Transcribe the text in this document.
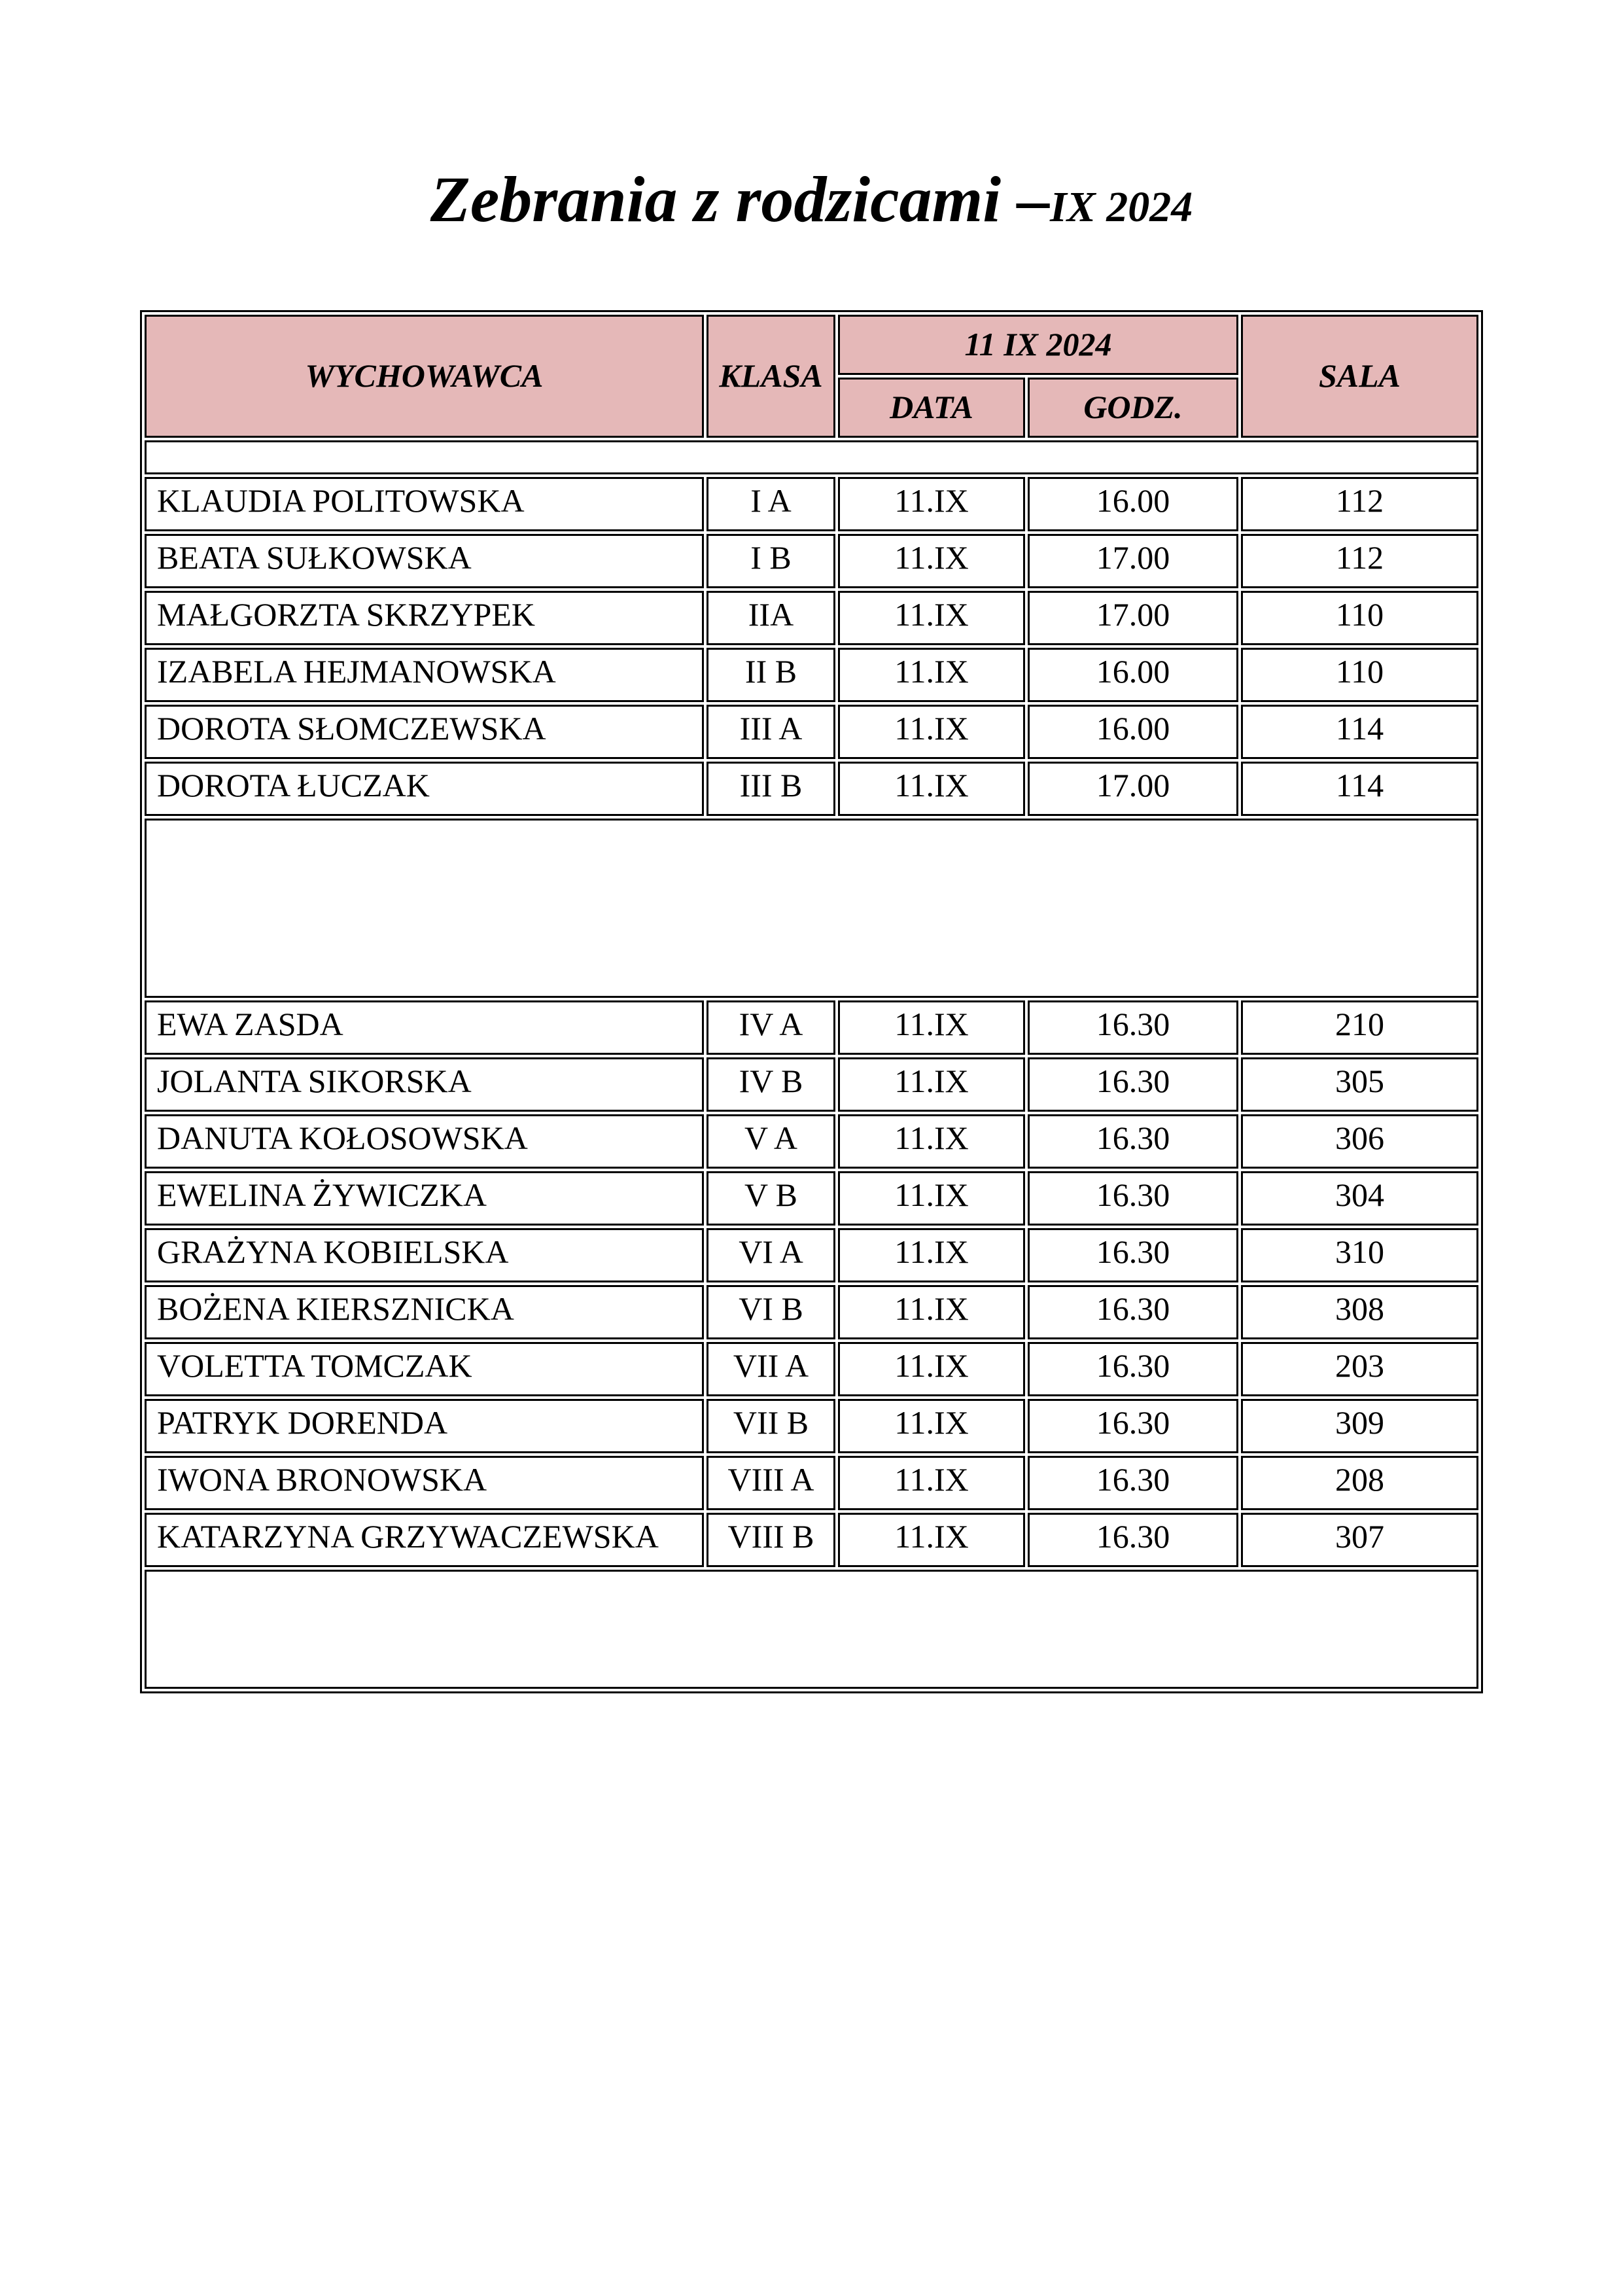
Zebrania z rodzicami –IX 2024
WYCHOWAWCA	KLASA	11 IX 2024		SALA
		DATA	GODZ.	

KLAUDIA POLITOWSKA	I A	11.IX	16.00	112
BEATA SUŁKOWSKA	I B	11.IX	17.00	112
MAŁGORZTA SKRZYPEK	IIA	11.IX	17.00	110
IZABELA HEJMANOWSKA	II B	11.IX	16.00	110
DOROTA SŁOMCZEWSKA	III A	11.IX	16.00	114
DOROTA ŁUCZAK	III B	11.IX	17.00	114

EWA ZASDA	IV A	11.IX	16.30	210
JOLANTA SIKORSKA	IV B	11.IX	16.30	305
DANUTA KOŁOSOWSKA	V A	11.IX	16.30	306
EWELINA ŻYWICZKA	V B	11.IX	16.30	304
GRAŻYNA KOBIELSKA	VI A	11.IX	16.30	310
BOŻENA KIERSZNICKA	VI B	11.IX	16.30	308
VOLETTA TOMCZAK	VII A	11.IX	16.30	203
PATRYK DORENDA	VII B	11.IX	16.30	309
IWONA BRONOWSKA	VIII A	11.IX	16.30	208
KATARZYNA GRZYWACZEWSKA	VIII B	11.IX	16.30	307
